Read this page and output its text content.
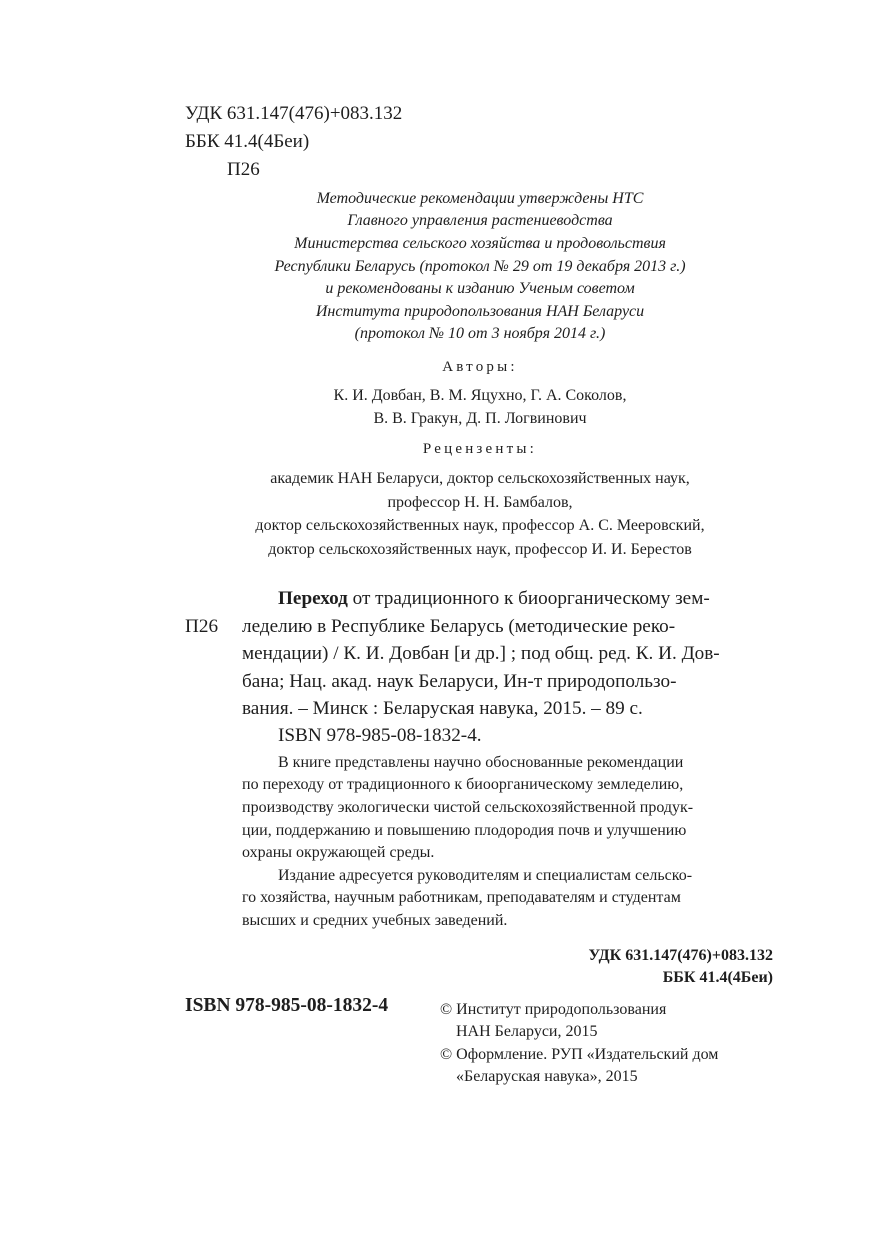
УДК 631.147(476)+083.132
ББК 41.4(4Беи)
П26
Методические рекомендации утверждены НТС
Главного управления растениеводства
Министерства сельского хозяйства и продовольствия
Республики Беларусь (протокол № 29 от 19 декабря 2013 г.)
и рекомендованы к изданию Ученым советом
Института природопользования НАН Беларуси
(протокол № 10 от 3 ноября 2014 г.)
Авторы:
К. И. Довбан, В. М. Яцухно, Г. А. Соколов,
В. В. Гракун, Д. П. Логвинович
Рецензенты:
академик НАН Беларуси, доктор сельскохозяйственных наук,
профессор Н. Н. Бамбалов,
доктор сельскохозяйственных наук, профессор А. С. Мееровский,
доктор сельскохозяйственных наук, профессор И. И. Берестов
П26
Переход от традиционного к биоорганическому зем-
леделию в Республике Беларусь (методические реко-
мендации) / К. И. Довбан [и др.] ; под общ. ред. К. И. Дов-
бана; Нац. акад. наук Беларуси, Ин-т природопользо-
вания. – Минск : Беларуская навука, 2015. – 89 с.
ISBN 978-985-08-1832-4.
В книге представлены научно обоснованные рекомендации
по переходу от традиционного к биоорганическому земледелию,
производству экологически чистой сельскохозяйственной продук-
ции, поддержанию и повышению плодородия почв и улучшению
охраны окружающей среды.
Издание адресуется руководителям и специалистам сельско-
го хозяйства, научным работникам, преподавателям и студентам
высших и средних учебных заведений.
УДК 631.147(476)+083.132
ББК 41.4(4Беи)
ISBN 978-985-08-1832-4	© Институт природопользования
НАН Беларуси, 2015
© Оформление. РУП «Издательский дом
«Беларуская навука», 2015
